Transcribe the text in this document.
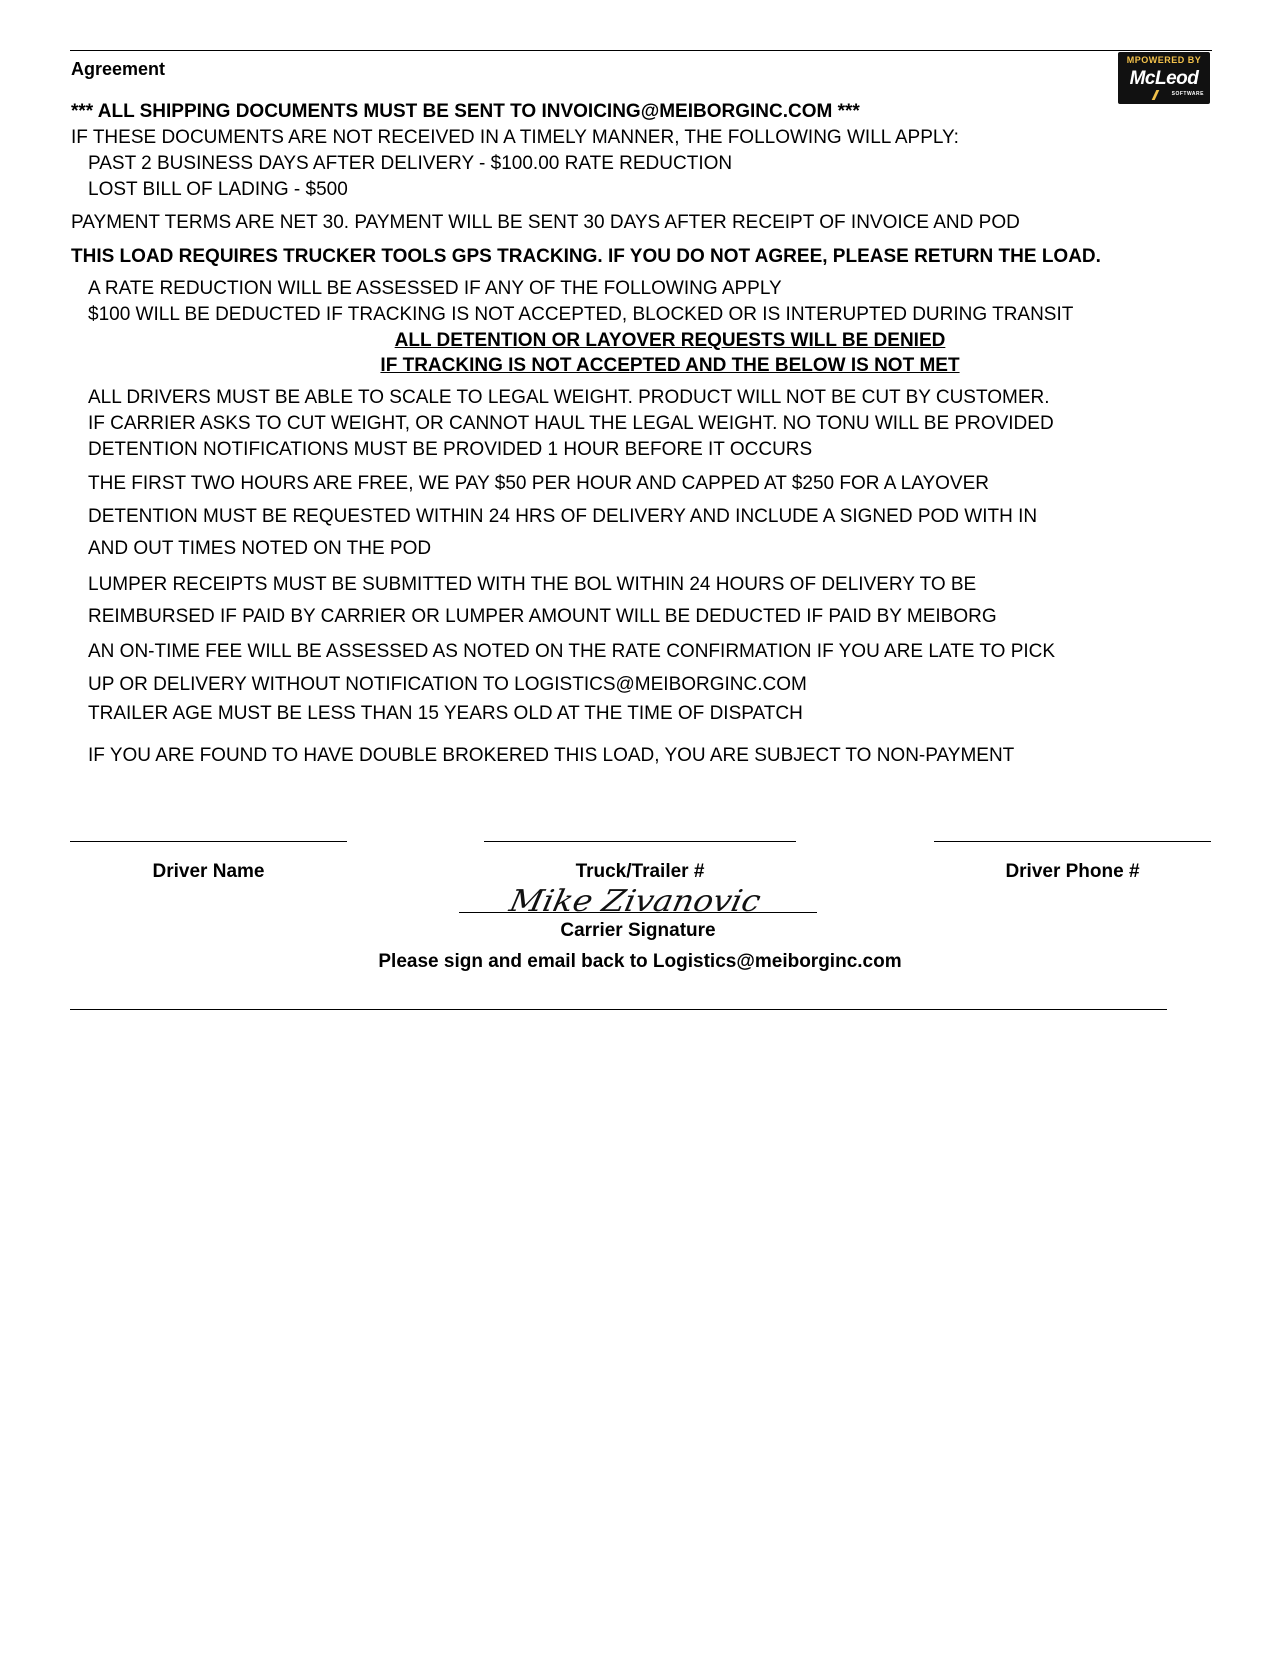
Agreement	MPOWERED BY
McLeod
SOFTWARE
*** ALL SHIPPING DOCUMENTS MUST BE SENT TO INVOICING@MEIBORGINC.COM ***
IF THESE DOCUMENTS ARE NOT RECEIVED IN A TIMELY MANNER, THE FOLLOWING WILL APPLY:
PAST 2 BUSINESS DAYS AFTER DELIVERY - $100.00 RATE REDUCTION
LOST BILL OF LADING - $500
PAYMENT TERMS ARE NET 30. PAYMENT WILL BE SENT 30 DAYS AFTER RECEIPT OF INVOICE AND POD
THIS LOAD REQUIRES TRUCKER TOOLS GPS TRACKING. IF YOU DO NOT AGREE, PLEASE RETURN THE LOAD.
A RATE REDUCTION WILL BE ASSESSED IF ANY OF THE FOLLOWING APPLY
$100 WILL BE DEDUCTED IF TRACKING IS NOT ACCEPTED, BLOCKED OR IS INTERUPTED DURING TRANSIT
ALL DETENTION OR LAYOVER REQUESTS WILL BE DENIED
IF TRACKING IS NOT ACCEPTED AND THE BELOW IS NOT MET
ALL DRIVERS MUST BE ABLE TO SCALE TO LEGAL WEIGHT. PRODUCT WILL NOT BE CUT BY CUSTOMER.
IF CARRIER ASKS TO CUT WEIGHT, OR CANNOT HAUL THE LEGAL WEIGHT. NO TONU WILL BE PROVIDED
DETENTION NOTIFICATIONS MUST BE PROVIDED 1 HOUR BEFORE IT OCCURS
THE FIRST TWO HOURS ARE FREE, WE PAY $50 PER HOUR AND CAPPED AT $250 FOR A LAYOVER
DETENTION MUST BE REQUESTED WITHIN 24 HRS OF DELIVERY AND INCLUDE A SIGNED POD WITH IN
AND OUT TIMES NOTED ON THE POD
LUMPER RECEIPTS MUST BE SUBMITTED WITH THE BOL WITHIN 24 HOURS OF DELIVERY TO BE
REIMBURSED IF PAID BY CARRIER OR LUMPER AMOUNT WILL BE DEDUCTED IF PAID BY MEIBORG
AN ON-TIME FEE WILL BE ASSESSED AS NOTED ON THE RATE CONFIRMATION IF YOU ARE LATE TO PICK
UP OR DELIVERY WITHOUT NOTIFICATION TO LOGISTICS@MEIBORGINC.COM
TRAILER AGE MUST BE LESS THAN 15 YEARS OLD AT THE TIME OF DISPATCH
IF YOU ARE FOUND TO HAVE DOUBLE BROKERED THIS LOAD, YOU ARE SUBJECT TO NON-PAYMENT
Driver Name	Truck/Trailer #	Driver Phone #
Mike Zivanovic
Carrier Signature
Please sign and email back to Logistics@meiborginc.com
